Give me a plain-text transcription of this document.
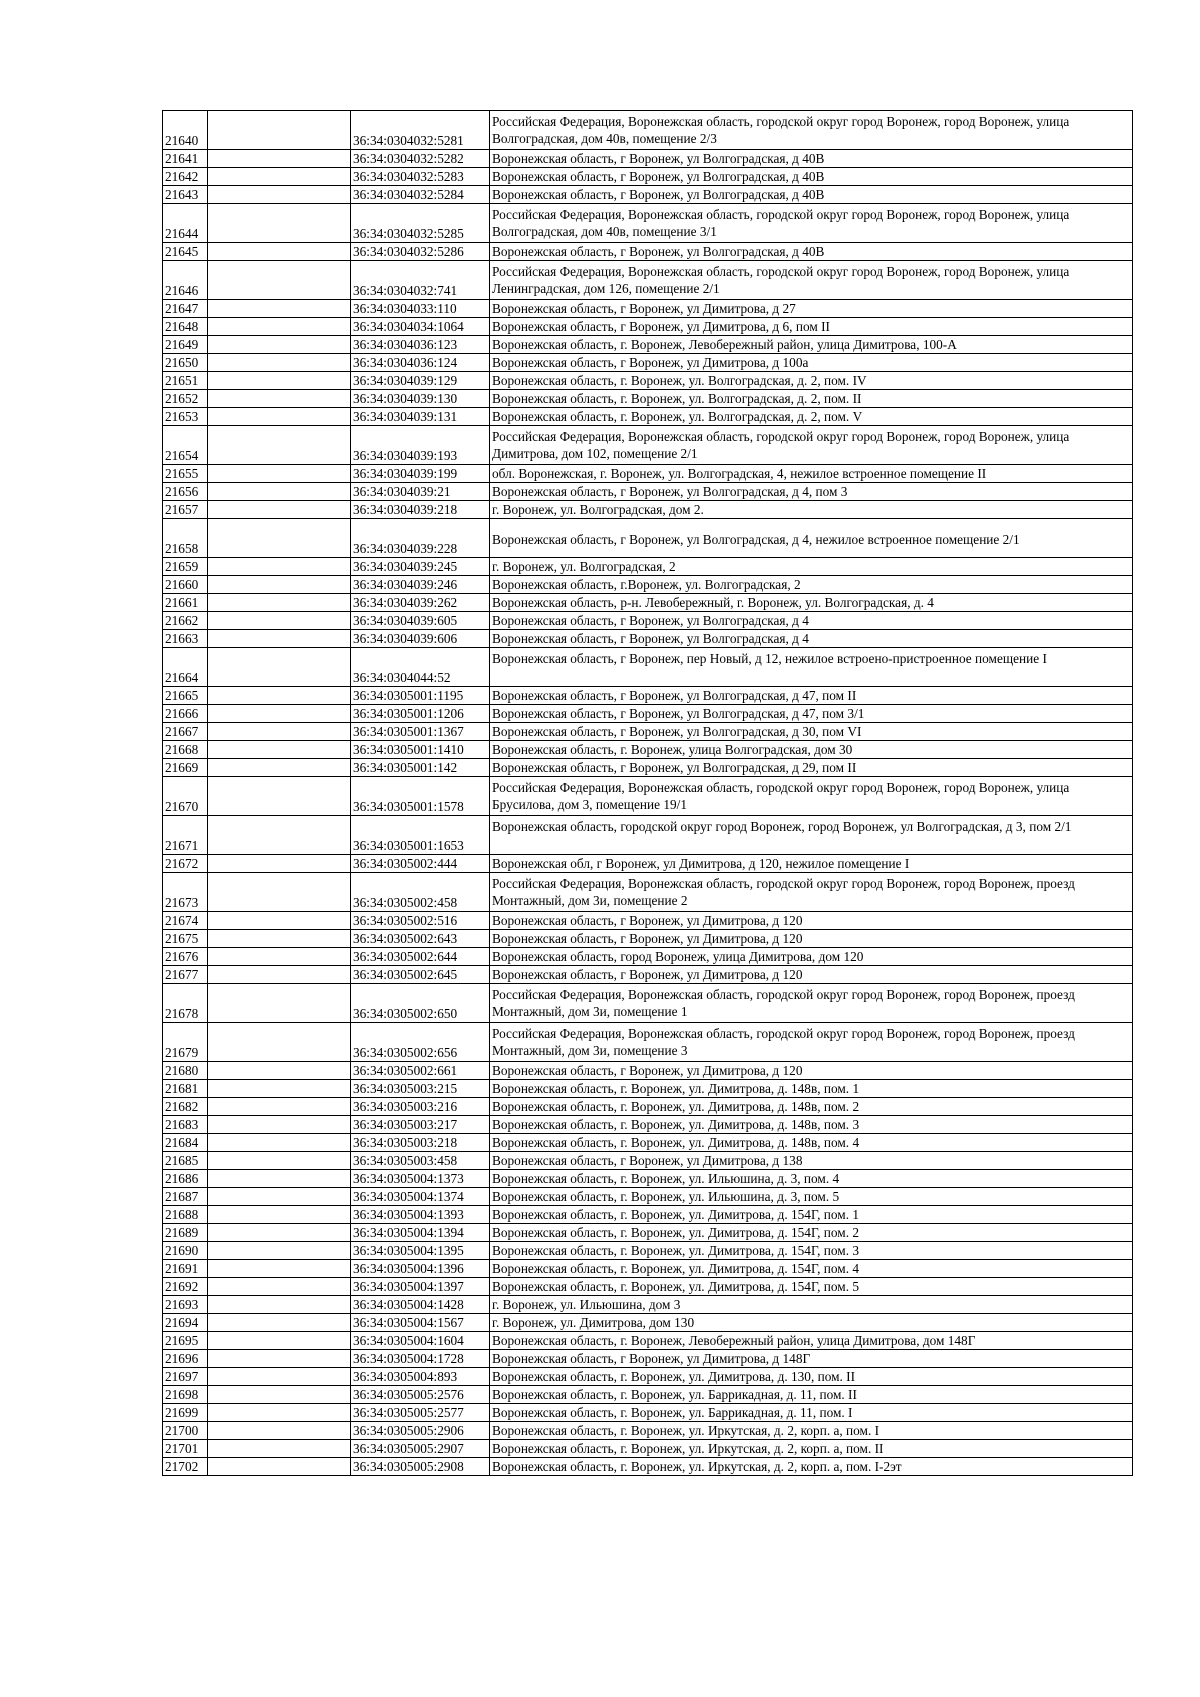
21640		36:34:0304032:5281	Российская Федерация, Воронежская область, городской округ город Воронеж, город Воронеж, улица Волгоградская, дом 40в, помещение 2/3
21641		36:34:0304032:5282	Воронежская область, г Воронеж, ул Волгоградская, д 40В
21642		36:34:0304032:5283	Воронежская область, г Воронеж, ул Волгоградская, д 40В
21643		36:34:0304032:5284	Воронежская область, г Воронеж, ул Волгоградская, д 40В
21644		36:34:0304032:5285	Российская Федерация, Воронежская область, городской округ город Воронеж, город Воронеж, улица Волгоградская, дом 40в, помещение 3/1
21645		36:34:0304032:5286	Воронежская область, г Воронеж, ул Волгоградская, д 40В
21646		36:34:0304032:741	Российская Федерация, Воронежская область, городской округ город Воронеж, город Воронеж, улица Ленинградская, дом 126, помещение 2/1
21647		36:34:0304033:110	Воронежская область, г Воронеж, ул Димитрова, д 27
21648		36:34:0304034:1064	Воронежская область, г Воронеж, ул Димитрова, д 6, пом II
21649		36:34:0304036:123	Воронежская область, г. Воронеж, Левобережный район, улица Димитрова, 100-А
21650		36:34:0304036:124	Воронежская область, г Воронеж, ул Димитрова, д 100а
21651		36:34:0304039:129	Воронежская область, г. Воронеж, ул. Волгоградская, д. 2, пом. IV
21652		36:34:0304039:130	Воронежская область, г. Воронеж, ул. Волгоградская, д. 2, пом. II
21653		36:34:0304039:131	Воронежская область, г. Воронеж, ул. Волгоградская, д. 2, пом. V
21654		36:34:0304039:193	Российская Федерация, Воронежская область, городской округ город Воронеж, город Воронеж, улица Димитрова, дом 102, помещение 2/1
21655		36:34:0304039:199	обл. Воронежская, г. Воронеж, ул. Волгоградская, 4, нежилое встроенное помещение II
21656		36:34:0304039:21	Воронежская область, г Воронеж, ул Волгоградская, д 4, пом 3
21657		36:34:0304039:218	г. Воронеж, ул. Волгоградская, дом 2.
21658		36:34:0304039:228	Воронежская область, г Воронеж, ул Волгоградская, д 4, нежилое встроенное помещение 2/1
21659		36:34:0304039:245	г. Воронеж, ул. Волгоградская, 2
21660		36:34:0304039:246	Воронежская область, г.Воронеж, ул. Волгоградская, 2
21661		36:34:0304039:262	Воронежская область, р-н. Левобережный, г. Воронеж, ул. Волгоградская, д. 4
21662		36:34:0304039:605	Воронежская область, г Воронеж, ул Волгоградская, д 4
21663		36:34:0304039:606	Воронежская область, г Воронеж, ул Волгоградская, д 4
21664		36:34:0304044:52	Воронежская область, г Воронеж, пер Новый, д 12, нежилое встроено-пристроенное помещение I
21665		36:34:0305001:1195	Воронежская область, г Воронеж, ул Волгоградская, д 47, пом II
21666		36:34:0305001:1206	Воронежская область, г Воронеж, ул Волгоградская, д 47, пом 3/1
21667		36:34:0305001:1367	Воронежская область, г Воронеж, ул Волгоградская, д 30, пом VI
21668		36:34:0305001:1410	Воронежская область, г. Воронеж, улица Волгоградская, дом 30
21669		36:34:0305001:142	Воронежская область, г Воронеж, ул Волгоградская, д 29, пом II
21670		36:34:0305001:1578	Российская Федерация, Воронежская область, городской округ город Воронеж, город Воронеж, улица Брусилова, дом 3, помещение 19/1
21671		36:34:0305001:1653	Воронежская область, городской округ город Воронеж, город Воронеж, ул Волгоградская, д 3, пом 2/1
21672		36:34:0305002:444	Воронежская обл, г Воронеж, ул Димитрова, д 120, нежилое помещение I
21673		36:34:0305002:458	Российская Федерация, Воронежская область, городской округ город Воронеж, город Воронеж, проезд Монтажный, дом 3и, помещение 2
21674		36:34:0305002:516	Воронежская область, г Воронеж, ул Димитрова, д 120
21675		36:34:0305002:643	Воронежская область, г Воронеж, ул Димитрова, д 120
21676		36:34:0305002:644	Воронежская область, город Воронеж, улица Димитрова, дом 120
21677		36:34:0305002:645	Воронежская область, г Воронеж, ул Димитрова, д 120
21678		36:34:0305002:650	Российская Федерация, Воронежская область, городской округ город Воронеж, город Воронеж, проезд Монтажный, дом 3и, помещение 1
21679		36:34:0305002:656	Российская Федерация, Воронежская область, городской округ город Воронеж, город Воронеж, проезд Монтажный, дом 3и, помещение 3
21680		36:34:0305002:661	Воронежская область, г Воронеж, ул Димитрова, д 120
21681		36:34:0305003:215	Воронежская область, г. Воронеж, ул. Димитрова, д. 148в, пом. 1
21682		36:34:0305003:216	Воронежская область, г. Воронеж, ул. Димитрова, д. 148в, пом. 2
21683		36:34:0305003:217	Воронежская область, г. Воронеж, ул. Димитрова, д. 148в, пом. 3
21684		36:34:0305003:218	Воронежская область, г. Воронеж, ул. Димитрова, д. 148в, пом. 4
21685		36:34:0305003:458	Воронежская область, г Воронеж, ул Димитрова, д 138
21686		36:34:0305004:1373	Воронежская область, г. Воронеж, ул. Ильюшина, д. 3, пом. 4
21687		36:34:0305004:1374	Воронежская область, г. Воронеж, ул. Ильюшина, д. 3, пом. 5
21688		36:34:0305004:1393	Воронежская область, г. Воронеж, ул. Димитрова, д. 154Г, пом. 1
21689		36:34:0305004:1394	Воронежская область, г. Воронеж, ул. Димитрова, д. 154Г, пом. 2
21690		36:34:0305004:1395	Воронежская область, г. Воронеж, ул. Димитрова, д. 154Г, пом. 3
21691		36:34:0305004:1396	Воронежская область, г. Воронеж, ул. Димитрова, д. 154Г, пом. 4
21692		36:34:0305004:1397	Воронежская область, г. Воронеж, ул. Димитрова, д. 154Г, пом. 5
21693		36:34:0305004:1428	г. Воронеж, ул. Ильюшина, дом 3
21694		36:34:0305004:1567	г. Воронеж, ул. Димитрова, дом 130
21695		36:34:0305004:1604	Воронежская область, г. Воронеж, Левобережный район, улица Димитрова, дом 148Г
21696		36:34:0305004:1728	Воронежская область, г Воронеж, ул Димитрова, д 148Г
21697		36:34:0305004:893	Воронежская область, г. Воронеж, ул. Димитрова, д. 130, пом. II
21698		36:34:0305005:2576	Воронежская область, г. Воронеж, ул. Баррикадная, д. 11, пом. II
21699		36:34:0305005:2577	Воронежская область, г. Воронеж, ул. Баррикадная, д. 11, пом. I
21700		36:34:0305005:2906	Воронежская область, г. Воронеж, ул. Иркутская, д. 2, корп. а, пом. I
21701		36:34:0305005:2907	Воронежская область, г. Воронеж, ул. Иркутская, д. 2, корп. а, пом. II
21702		36:34:0305005:2908	Воронежская область, г. Воронеж, ул. Иркутская, д. 2, корп. а, пом. I-2эт
